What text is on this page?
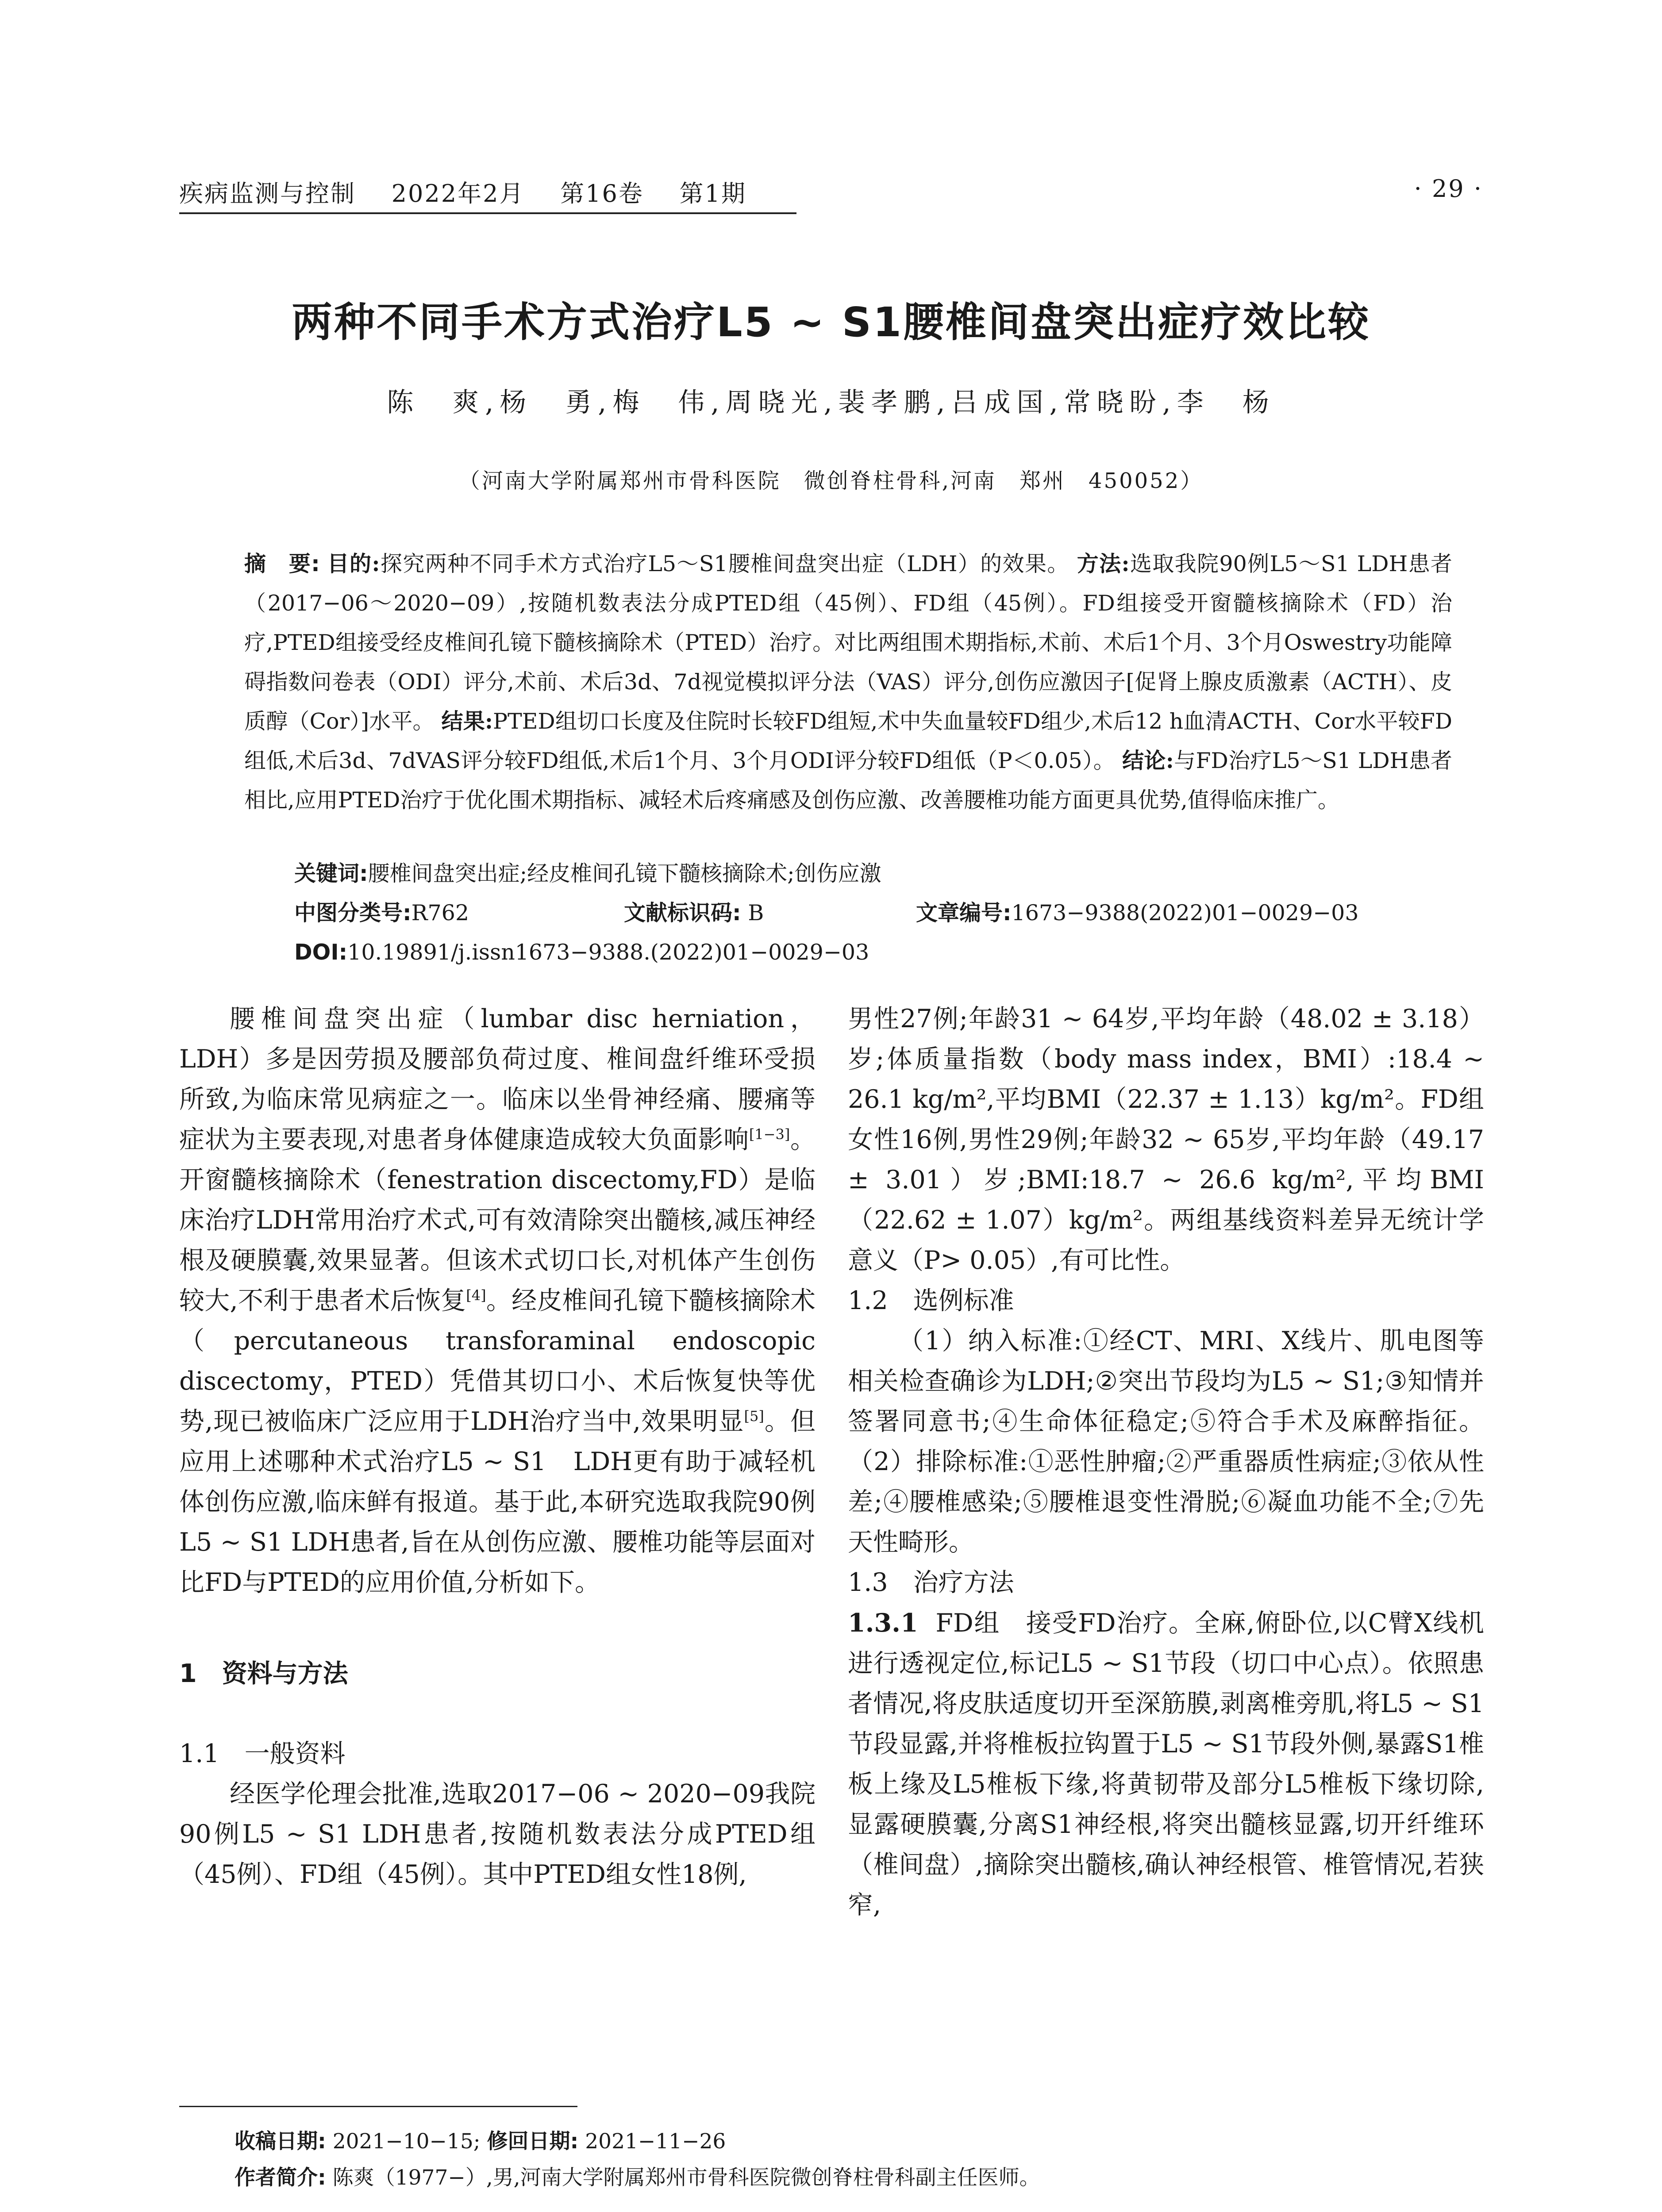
疾病监测与控制 2022年2月 第16卷 第1期	· 29 ·
两种不同手术方式治疗L5 ~ S1腰椎间盘突出症疗效比较
陈　爽,杨　勇,梅　伟,周晓光,裴孝鹏,吕成国,常晓盼,李　杨
（河南大学附属郑州市骨科医院　微创脊柱骨科,河南　郑州　450052）
摘　要: 目的:探究两种不同手术方式治疗L5～S1腰椎间盘突出症（LDH）的效果。 方法:选取我院90例L5～S1 LDH患者（2017−06～2020−09）,按随机数表法分成PTED组（45例）、FD组（45例）。FD组接受开窗髓核摘除术（FD）治疗,PTED组接受经皮椎间孔镜下髓核摘除术（PTED）治疗。对比两组围术期指标,术前、术后1个月、3个月Oswestry功能障碍指数问卷表（ODI）评分,术前、术后3d、7d视觉模拟评分法（VAS）评分,创伤应激因子[促肾上腺皮质激素（ACTH）、皮质醇（Cor）]水平。 结果:PTED组切口长度及住院时长较FD组短,术中失血量较FD组少,术后12 h血清ACTH、Cor水平较FD组低,术后3d、7dVAS评分较FD组低,术后1个月、3个月ODI评分较FD组低（P＜0.05）。 结论:与FD治疗L5～S1 LDH患者相比,应用PTED治疗于优化围术期指标、减轻术后疼痛感及创伤应激、改善腰椎功能方面更具优势,值得临床推广。
关键词:腰椎间盘突出症;经皮椎间孔镜下髓核摘除术;创伤应激
中图分类号:R762	文献标识码: B	文章编号:1673−9388(2022)01−0029−03
DOI:10.19891/j.issn1673−9388.(2022)01−0029−03

腰椎间盘突出症（lumbar disc herniation，LDH）多是因劳损及腰部负荷过度、椎间盘纤维环受损所致,为临床常见病症之一。临床以坐骨神经痛、腰痛等症状为主要表现,对患者身体健康造成较大负面影响[1−3]。开窗髓核摘除术（fenestration discectomy,FD）是临床治疗LDH常用治疗术式,可有效清除突出髓核,减压神经根及硬膜囊,效果显著。但该术式切口长,对机体产生创伤较大,不利于患者术后恢复[4]。经皮椎间孔镜下髓核摘除术（percutaneous transforaminal endoscopic discectomy，PTED）凭借其切口小、术后恢复快等优势,现已被临床广泛应用于LDH治疗当中,效果明显[5]。但应用上述哪种术式治疗L5 ~ S1　LDH更有助于减轻机体创伤应激,临床鲜有报道。基于此,本研究选取我院90例L5 ~ S1 LDH患者,旨在从创伤应激、腰椎功能等层面对比FD与PTED的应用价值,分析如下。

1　资料与方法

1.1　一般资料

经医学伦理会批准,选取2017−06 ~ 2020−09我院90例L5 ~ S1 LDH患者,按随机数表法分成PTED组（45例）、FD组（45例）。其中PTED组女性18例,

男性27例;年龄31 ~ 64岁,平均年龄（48.02 ± 3.18）岁;体质量指数（body mass index，BMI）:18.4 ~ 26.1 kg/m²,平均BMI（22.37 ± 1.13）kg/m²。FD组女性16例,男性29例;年龄32 ~ 65岁,平均年龄（49.17 ± 3.01）岁;BMI:18.7 ~ 26.6 kg/m²,平均BMI（22.62 ± 1.07）kg/m²。两组基线资料差异无统计学意义（P> 0.05）,有可比性。

1.2　选例标准

（1）纳入标准:①经CT、MRI、X线片、肌电图等相关检查确诊为LDH;②突出节段均为L5 ~ S1;③知情并签署同意书;④生命体征稳定;⑤符合手术及麻醉指征。（2）排除标准:①恶性肿瘤;②严重器质性病症;③依从性差;④腰椎感染;⑤腰椎退变性滑脱;⑥凝血功能不全;⑦先天性畸形。

1.3　治疗方法

1.3.1 FD组　接受FD治疗。全麻,俯卧位,以C臂X线机进行透视定位,标记L5 ~ S1节段（切口中心点）。依照患者情况,将皮肤适度切开至深筋膜,剥离椎旁肌,将L5 ~ S1节段显露,并将椎板拉钩置于L5 ~ S1节段外侧,暴露S1椎板上缘及L5椎板下缘,将黄韧带及部分L5椎板下缘切除,显露硬膜囊,分离S1神经根,将突出髓核显露,切开纤维环（椎间盘）,摘除突出髓核,确认神经根管、椎管情况,若狭窄,

收稿日期: 2021−10−15; 修回日期: 2021−11−26
作者简介: 陈爽（1977−）,男,河南大学附属郑州市骨科医院微创脊柱骨科副主任医师。
